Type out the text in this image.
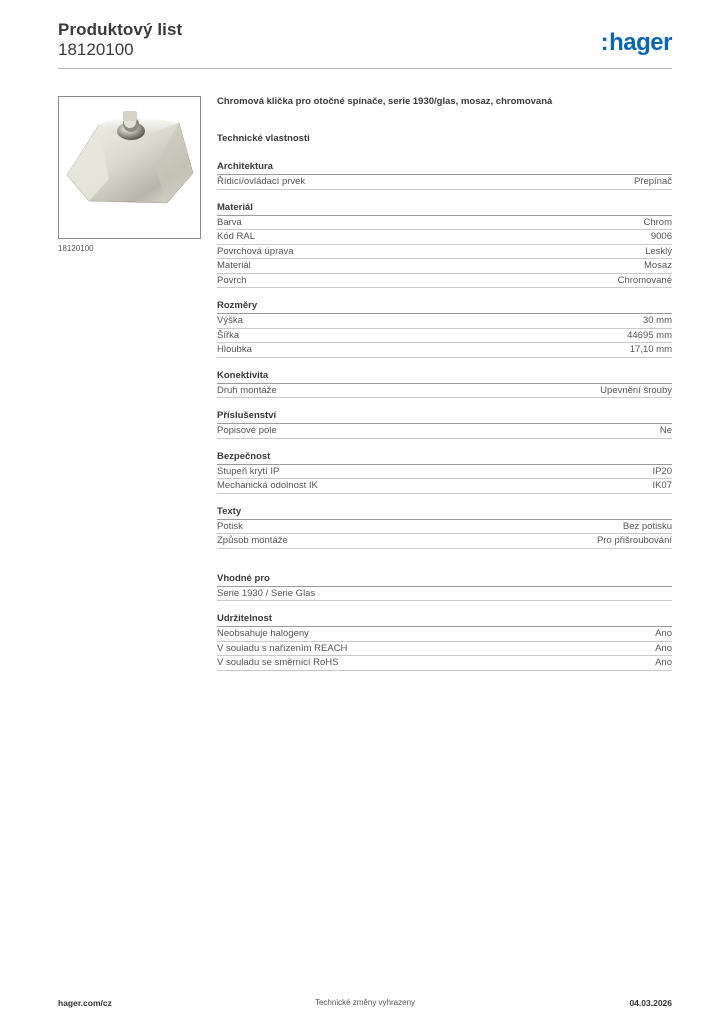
Produktový list
18120100	:hager
18120100
Chromová klička pro otočné spínače, serie 1930/glas, mosaz, chromovaná
Technické vlastnosti
Architektura
Řídicí/ovládací prvek	Přepínač
Materiál
Barva	Chrom
Kód RAL	9006
Povrchová úprava	Lesklý
Materiál	Mosaz
Povrch	Chromované
Rozměry
Výška	30 mm
Šířka	44695 mm
Hloubka	17,10 mm
Konektivita
Druh montáže	Upevnění šrouby
Příslušenství
Popisové pole	Ne
Bezpečnost
Stupeň krytí IP	IP20
Mechanická odolnost IK	IK07
Texty
Potisk	Bez potisku
Způsob montáže	Pro přišroubování
Vhodné pro
Serie 1930 / Serie Glas
Udržitelnost
Neobsahuje halogeny	Ano
V souladu s nařízením REACH	Ano
V souladu se směrnicí RoHS	Ano
hager.com/cz	Technické změny vyhrazeny	04.03.2026
